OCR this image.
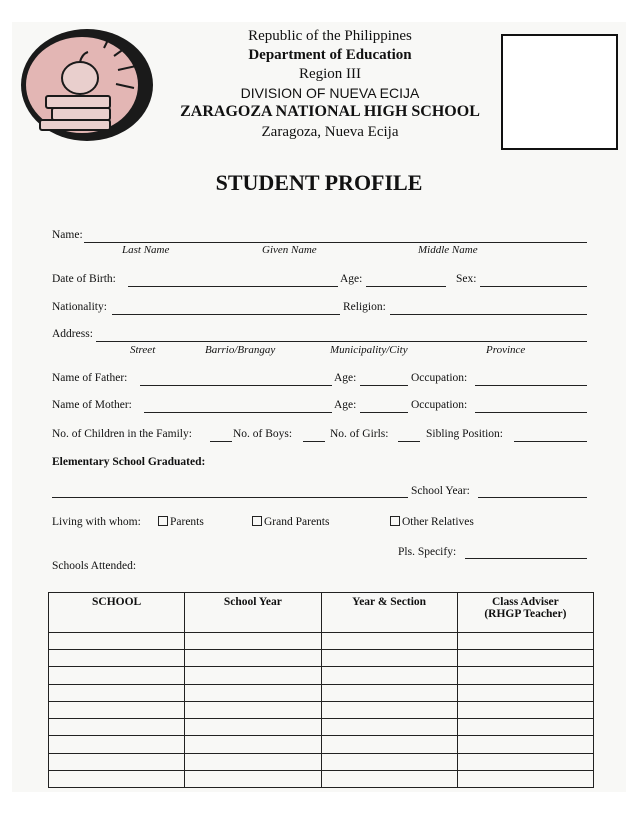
Republic of the Philippines
Department of Education
Region III
DIVISION OF NUEVA ECIJA
ZARAGOZA NATIONAL HIGH SCHOOL
Zaragoza, Nueva Ecija
STUDENT PROFILE
Name:
Last Name	Given Name	Middle Name
Date of Birth:	Age:	Sex:
Nationality:	Religion:
Address:
Street	Barrio/Brangay	Municipality/City	Province
Name of Father:	Age:	Occupation:
Name of Mother:	Age:	Occupation:
No. of Children in the Family:	No. of Boys:	No. of Girls:	Sibling Position:
Elementary School Graduated:
School Year:
Living with whom:	Parents	Grand Parents	Other Relatives
Pls. Specify:
Schools Attended:
SCHOOL	School Year	Year & Section	Class Adviser
(RHGP Teacher)
